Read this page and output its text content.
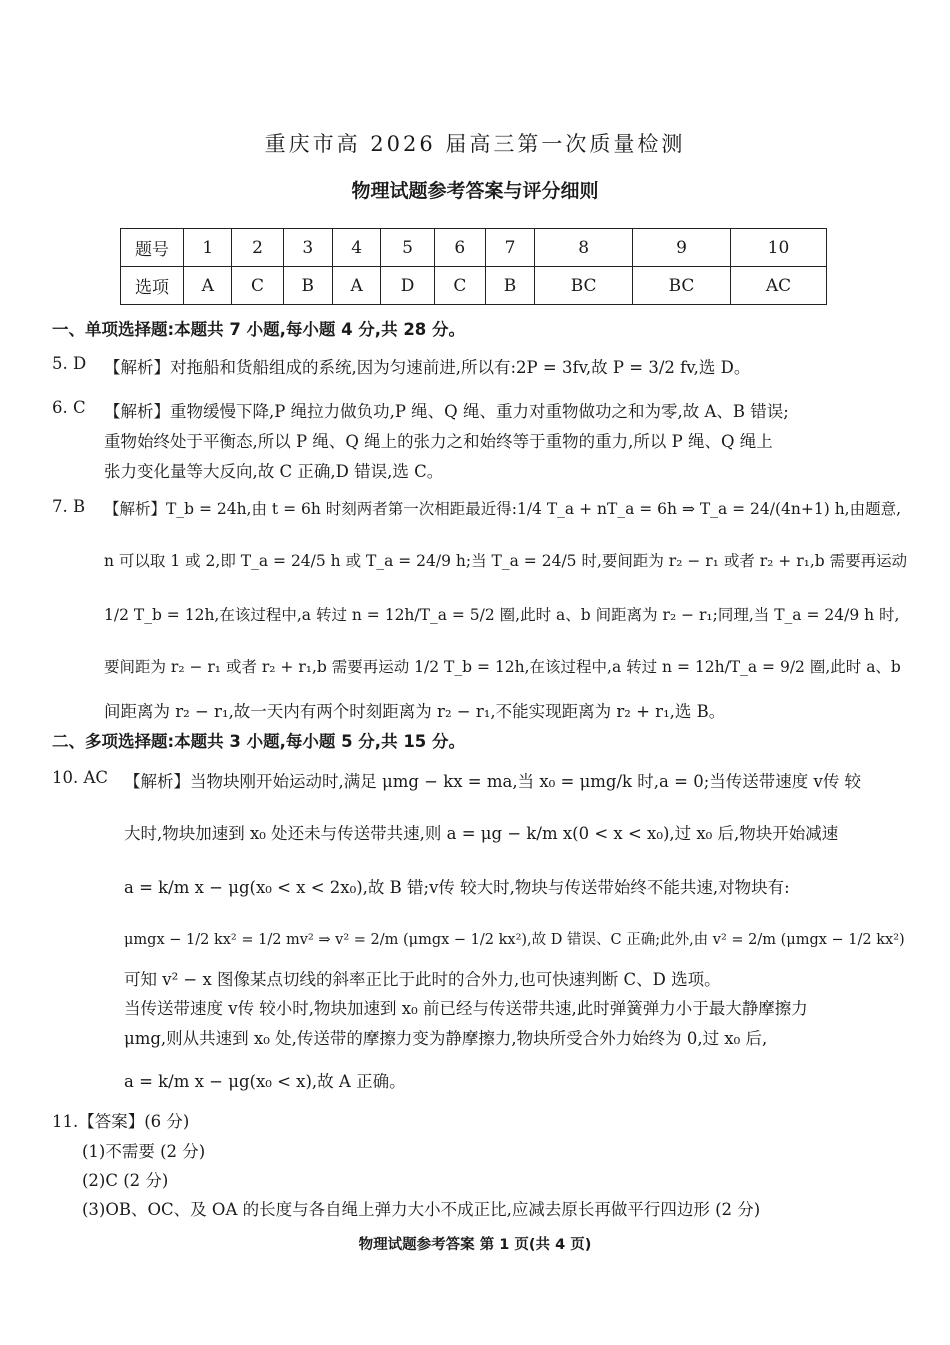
重庆市高 2026 届高三第一次质量检测
物理试题参考答案与评分细则
题号	1	2	3	4	5	6	7	8	9	10
选项	A	C	B	A	D	C	B	BC	BC	AC
一、单项选择题:本题共 7 小题,每小题 4 分,共 28 分。
5. D 【解析】对拖船和货船组成的系统,因为匀速前进,所以有:2P = 3fv,故 P = 3/2 fv,选 D。
6. C 【解析】重物缓慢下降,P 绳拉力做负功,P 绳、Q 绳、重力对重物做功之和为零,故 A、B 错误;
重物始终处于平衡态,所以 P 绳、Q 绳上的张力之和始终等于重物的重力,所以 P 绳、Q 绳上
张力变化量等大反向,故 C 正确,D 错误,选 C。
7. B 【解析】T_b = 24h,由 t = 6h 时刻两者第一次相距最近得:1/4 T_a + nT_a = 6h ⇒ T_a = 24/(4n+1) h,由题意,
n 可以取 1 或 2,即 T_a = 24/5 h 或 T_a = 24/9 h;当 T_a = 24/5 时,要间距为 r₂ − r₁ 或者 r₂ + r₁,b 需要再运动
1/2 T_b = 12h,在该过程中,a 转过 n = 12h/T_a = 5/2 圈,此时 a、b 间距离为 r₂ − r₁;同理,当 T_a = 24/9 h 时,
要间距为 r₂ − r₁ 或者 r₂ + r₁,b 需要再运动 1/2 T_b = 12h,在该过程中,a 转过 n = 12h/T_a = 9/2 圈,此时 a、b
间距离为 r₂ − r₁,故一天内有两个时刻距离为 r₂ − r₁,不能实现距离为 r₂ + r₁,选 B。
二、多项选择题:本题共 3 小题,每小题 5 分,共 15 分。
10. AC 【解析】当物块刚开始运动时,满足 μmg − kx = ma,当 x₀ = μmg/k 时,a = 0;当传送带速度 v传 较
大时,物块加速到 x₀ 处还未与传送带共速,则 a = μg − k/m x(0 < x < x₀),过 x₀ 后,物块开始减速
a = k/m x − μg(x₀ < x < 2x₀),故 B 错;v传 较大时,物块与传送带始终不能共速,对物块有:
μmgx − 1/2 kx² = 1/2 mv² ⇒ v² = 2/m (μmgx − 1/2 kx²),故 D 错误、C 正确;此外,由 v² = 2/m (μmgx − 1/2 kx²)
可知 v² − x 图像某点切线的斜率正比于此时的合外力,也可快速判断 C、D 选项。
当传送带速度 v传 较小时,物块加速到 x₀ 前已经与传送带共速,此时弹簧弹力小于最大静摩擦力
μmg,则从共速到 x₀ 处,传送带的摩擦力变为静摩擦力,物块所受合外力始终为 0,过 x₀ 后,
a = k/m x − μg(x₀ < x),故 A 正确。
11.【答案】(6 分)
(1)不需要 (2 分)
(2)C (2 分)
(3)OB、OC、及 OA 的长度与各自绳上弹力大小不成正比,应减去原长再做平行四边形 (2 分)
物理试题参考答案 第 1 页(共 4 页)
